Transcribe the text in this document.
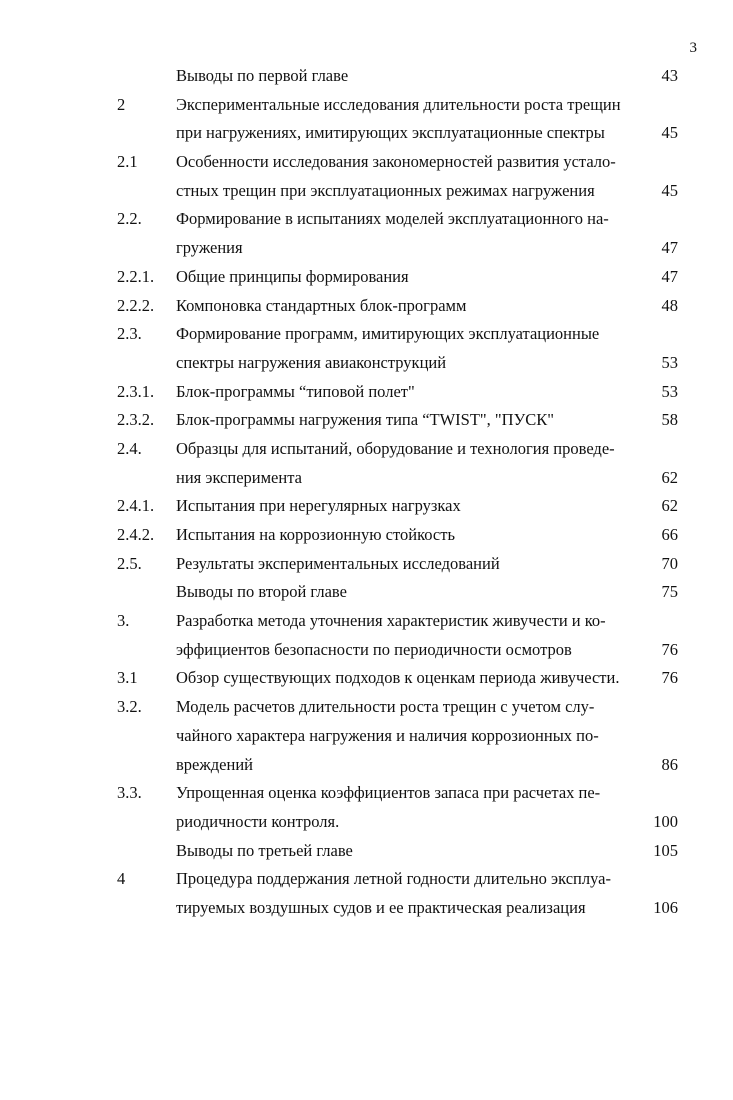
3
Выводы по первой главе	43
2	Экспериментальные исследования длительности роста трещин
при нагружениях, имитирующих эксплуатационные спектры	45
2.1 Особенности исследования закономерностей развития устало-
стных трещин при эксплуатационных режимах нагружения	45
2.2. Формирование в испытаниях моделей эксплуатационного на-
гружения	47
2.2.1. Общие принципы формирования	47
2.2.2. Компоновка стандартных блок-программ	48
2.3. Формирование программ, имитирующих эксплуатационные
спектры нагружения авиаконструкций	53
2.3.1. Блок-программы “типовой полет"	53
2.3.2. Блок-программы нагружения типа “TWIST", "ПУСК"	58
2.4. Образцы для испытаний, оборудование и технология проведе-
ния эксперимента	62
2.4.1. Испытания при нерегулярных нагрузках	62
2.4.2. Испытания на коррозионную стойкость	66
2.5. Результаты экспериментальных исследований	70
Выводы по второй главе	75
3.	Разработка метода уточнения характеристик живучести и ко-
эффициентов безопасности по периодичности осмотров	76
3.1 Обзор существующих подходов к оценкам периода живучести.	76
3.2. Модель расчетов длительности роста трещин с учетом слу-
чайного характера нагружения и наличия коррозионных по-
вреждений	86
3.3. Упрощенная оценка коэффициентов запаса при расчетах пе-
риодичности контроля.	100
Выводы по третьей главе	105
4	Процедура поддержания летной годности длительно эксплуа-
тируемых воздушных судов и ее практическая реализация	106
